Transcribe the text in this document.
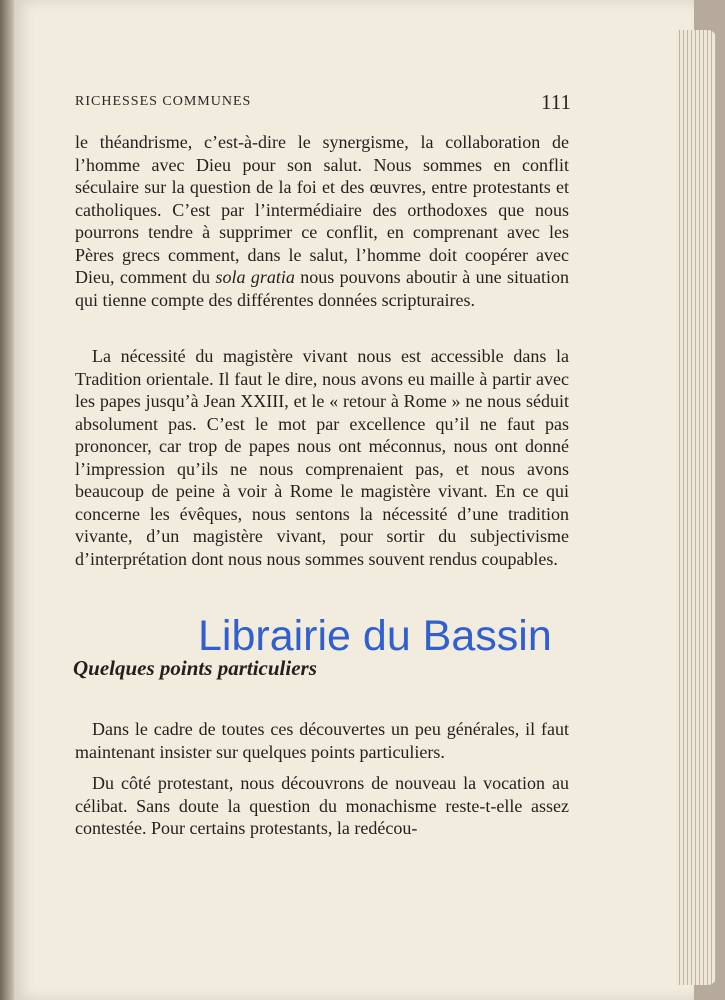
RICHESSES COMMUNES	111

le théandrisme, c’est-à-dire le synergisme, la collaboration de l’homme avec Dieu pour son salut. Nous sommes en conflit séculaire sur la question de la foi et des œuvres, entre protestants et catholiques. C’est par l’intermédiaire des orthodoxes que nous pourrons tendre à supprimer ce conflit, en comprenant avec les Pères grecs comment, dans le salut, l’homme doit coopérer avec Dieu, comment du sola gratia nous pouvons aboutir à une situation qui tienne compte des différentes données scripturaires.

La nécessité du magistère vivant nous est accessible dans la Tradition orientale. Il faut le dire, nous avons eu maille à partir avec les papes jusqu’à Jean XXIII, et le « retour à Rome » ne nous séduit absolument pas. C’est le mot par excellence qu’il ne faut pas prononcer, car trop de papes nous ont méconnus, nous ont donné l’impression qu’ils ne nous comprenaient pas, et nous avons beaucoup de peine à voir à Rome le magistère vivant. En ce qui concerne les évêques, nous sentons la nécessité d’une tradition vivante, d’un magistère vivant, pour sortir du subjectivisme d’interprétation dont nous nous sommes souvent rendus coupables.

Librairie du Bassin
Quelques points particuliers

Dans le cadre de toutes ces découvertes un peu générales, il faut maintenant insister sur quelques points particuliers.

Du côté protestant, nous découvrons de nouveau la vocation au célibat. Sans doute la question du monachisme reste-t-elle assez contestée. Pour certains protestants, la redécou-
